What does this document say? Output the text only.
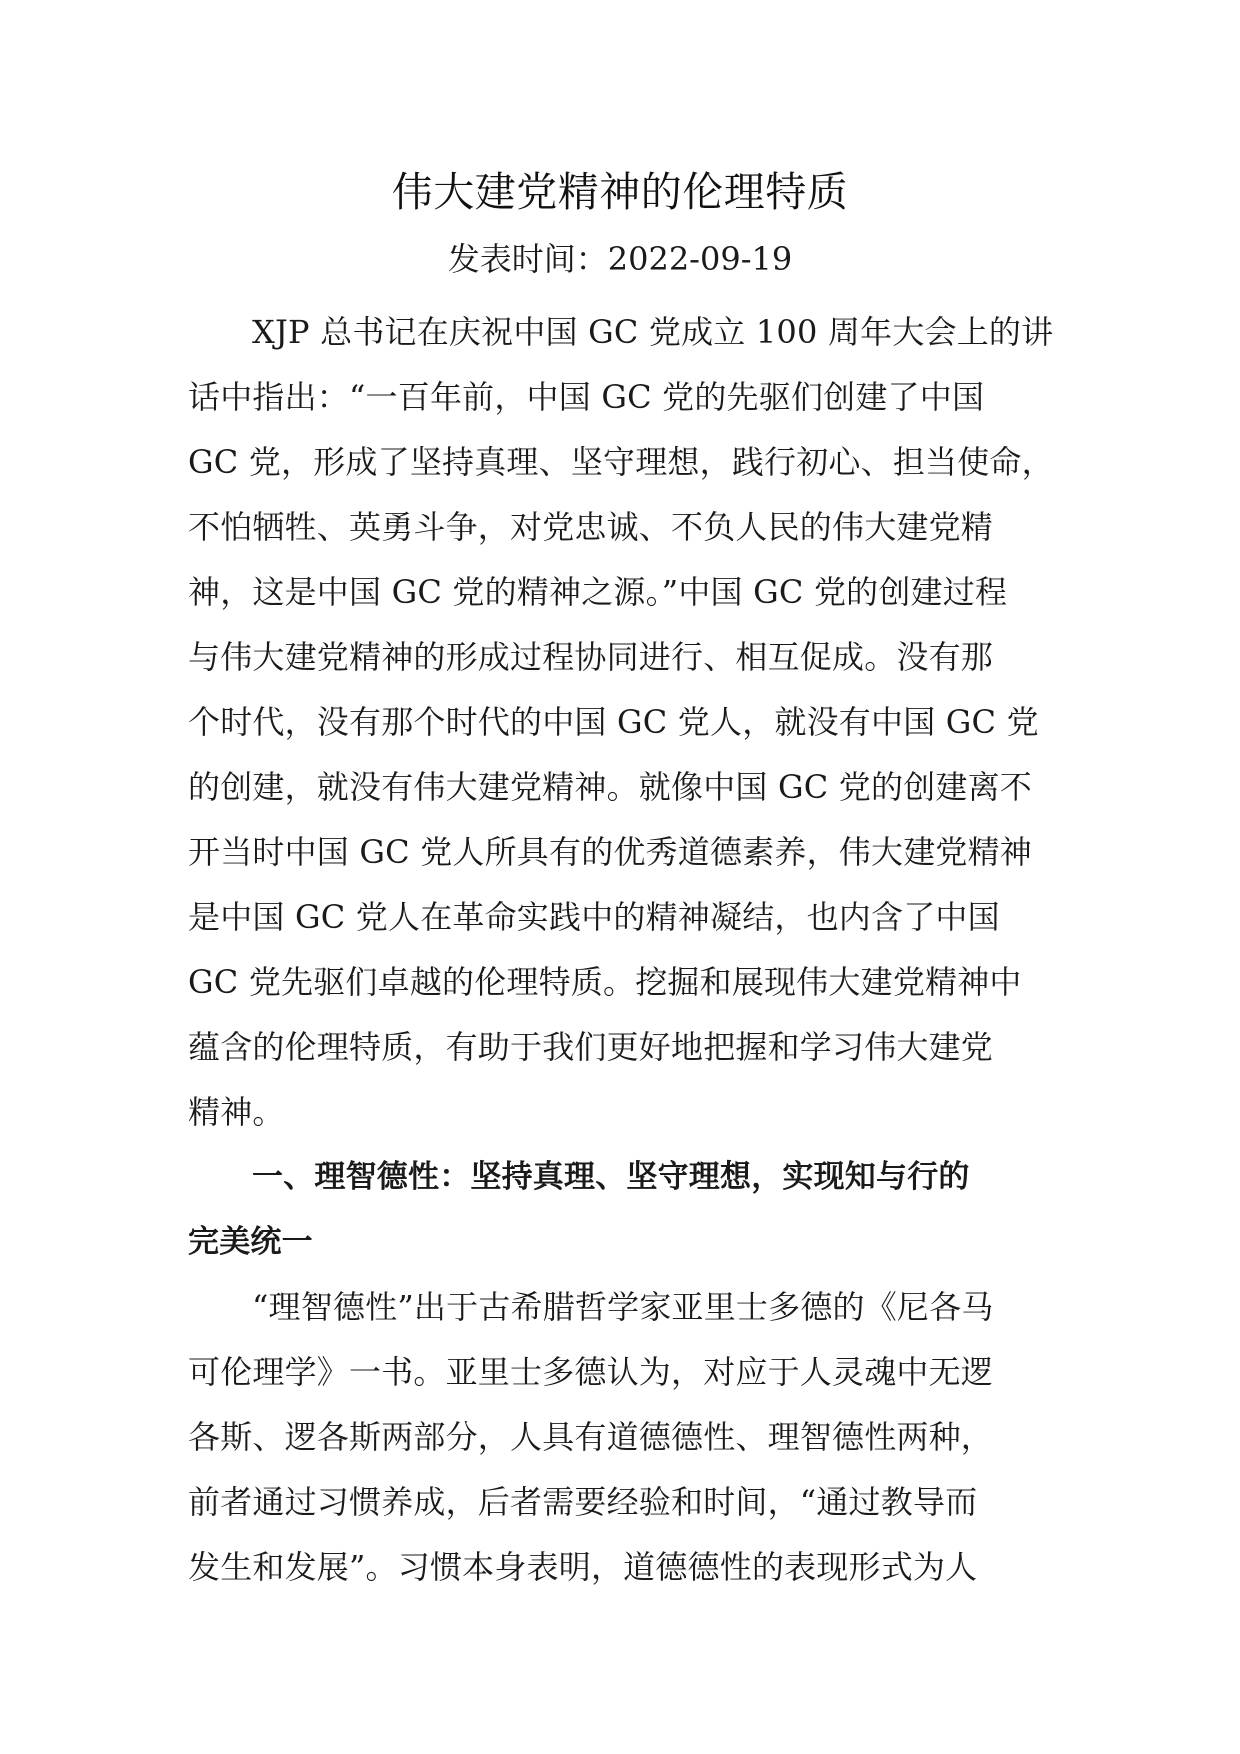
伟大建党精神的伦理特质
发表时间：2022-09-19
XJP 总书记在庆祝中国 GC 党成立 100 周年大会上的讲
话中指出：“一百年前，中国 GC 党的先驱们创建了中国
GC 党，形成了坚持真理、坚守理想，践行初心、担当使命，
不怕牺牲、英勇斗争，对党忠诚、不负人民的伟大建党精
神，这是中国 GC 党的精神之源。”中国 GC 党的创建过程
与伟大建党精神的形成过程协同进行、相互促成。没有那
个时代，没有那个时代的中国 GC 党人，就没有中国 GC 党
的创建，就没有伟大建党精神。就像中国 GC 党的创建离不
开当时中国 GC 党人所具有的优秀道德素养，伟大建党精神
是中国 GC 党人在革命实践中的精神凝结，也内含了中国
GC 党先驱们卓越的伦理特质。挖掘和展现伟大建党精神中
蕴含的伦理特质，有助于我们更好地把握和学习伟大建党
精神。
一、理智德性：坚持真理、坚守理想，实现知与行的
完美统一
“理智德性”出于古希腊哲学家亚里士多德的《尼各马
可伦理学》一书。亚里士多德认为，对应于人灵魂中无逻
各斯、逻各斯两部分，人具有道德德性、理智德性两种，
前者通过习惯养成，后者需要经验和时间，“通过教导而
发生和发展”。习惯本身表明，道德德性的表现形式为人
